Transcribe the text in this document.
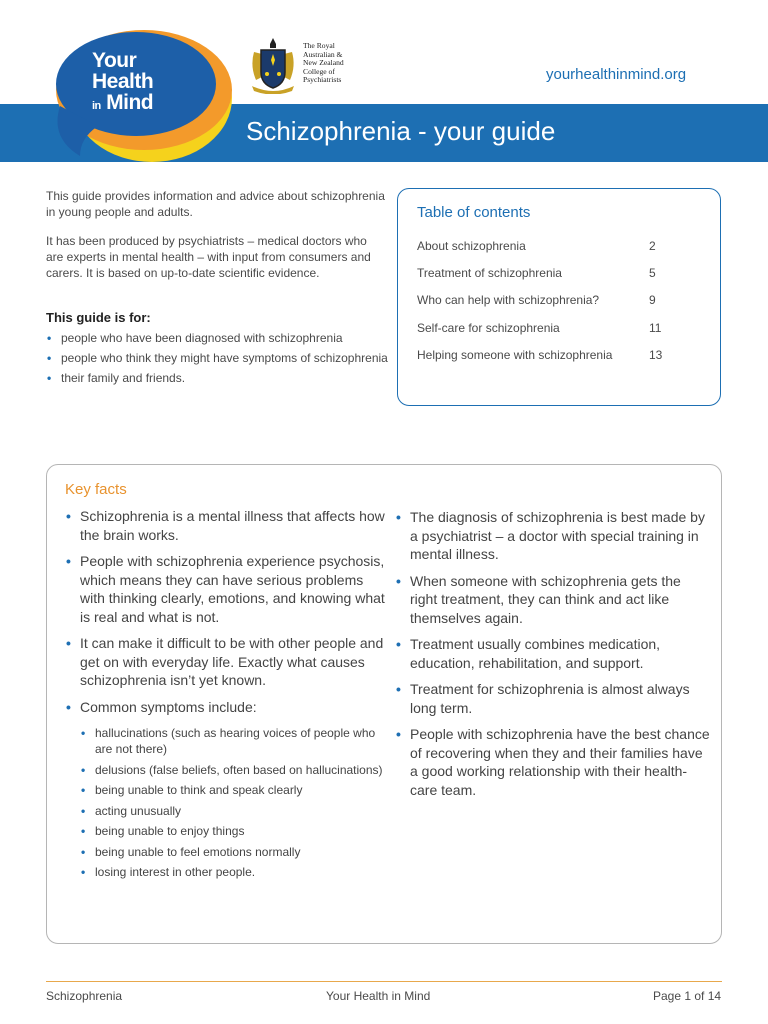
Your
Health
in Mind
The Royal
Australian &
New Zealand
College of
Psychiatrists	yourhealthinmind.org
Schizophrenia - your guide

This guide provides information and advice about schizophrenia in young people and adults.

It has been produced by psychiatrists – medical doctors who are experts in mental health – with input from consumers and carers. It is based on up-to-date scientific evidence.

This guide is for:
• people who have been diagnosed with schizophrenia
• people who think they might have symptoms of schizophrenia
• their family and friends.
Table of contents
About schizophrenia	2
Treatment of schizophrenia	5
Who can help with schizophrenia?	9
Self-care for schizophrenia	11
Helping someone with schizophrenia	13
Key facts
• Schizophrenia is a mental illness that affects how the brain works.
• People with schizophrenia experience psychosis, which means they can have serious problems with thinking clearly, emotions, and knowing what is real and what is not.
• It can make it difficult to be with other people and get on with everyday life. Exactly what causes schizophrenia isn’t yet known.
• Common symptoms include:
• hallucinations (such as hearing voices of people who are not there)
• delusions (false beliefs, often based on hallucinations)
• being unable to think and speak clearly
• acting unusually
• being unable to enjoy things
• being unable to feel emotions normally
• losing interest in other people.
• The diagnosis of schizophrenia is best made by a psychiatrist – a doctor with special training in mental illness.
• When someone with schizophrenia gets the right treatment, they can think and act like themselves again.
• Treatment usually combines medication, education, rehabilitation, and support.
• Treatment for schizophrenia is almost always long term.
• People with schizophrenia have the best chance of recovering when they and their families have a good working relationship with their health-care team.
Schizophrenia	Your Health in Mind	Page 1 of 14
